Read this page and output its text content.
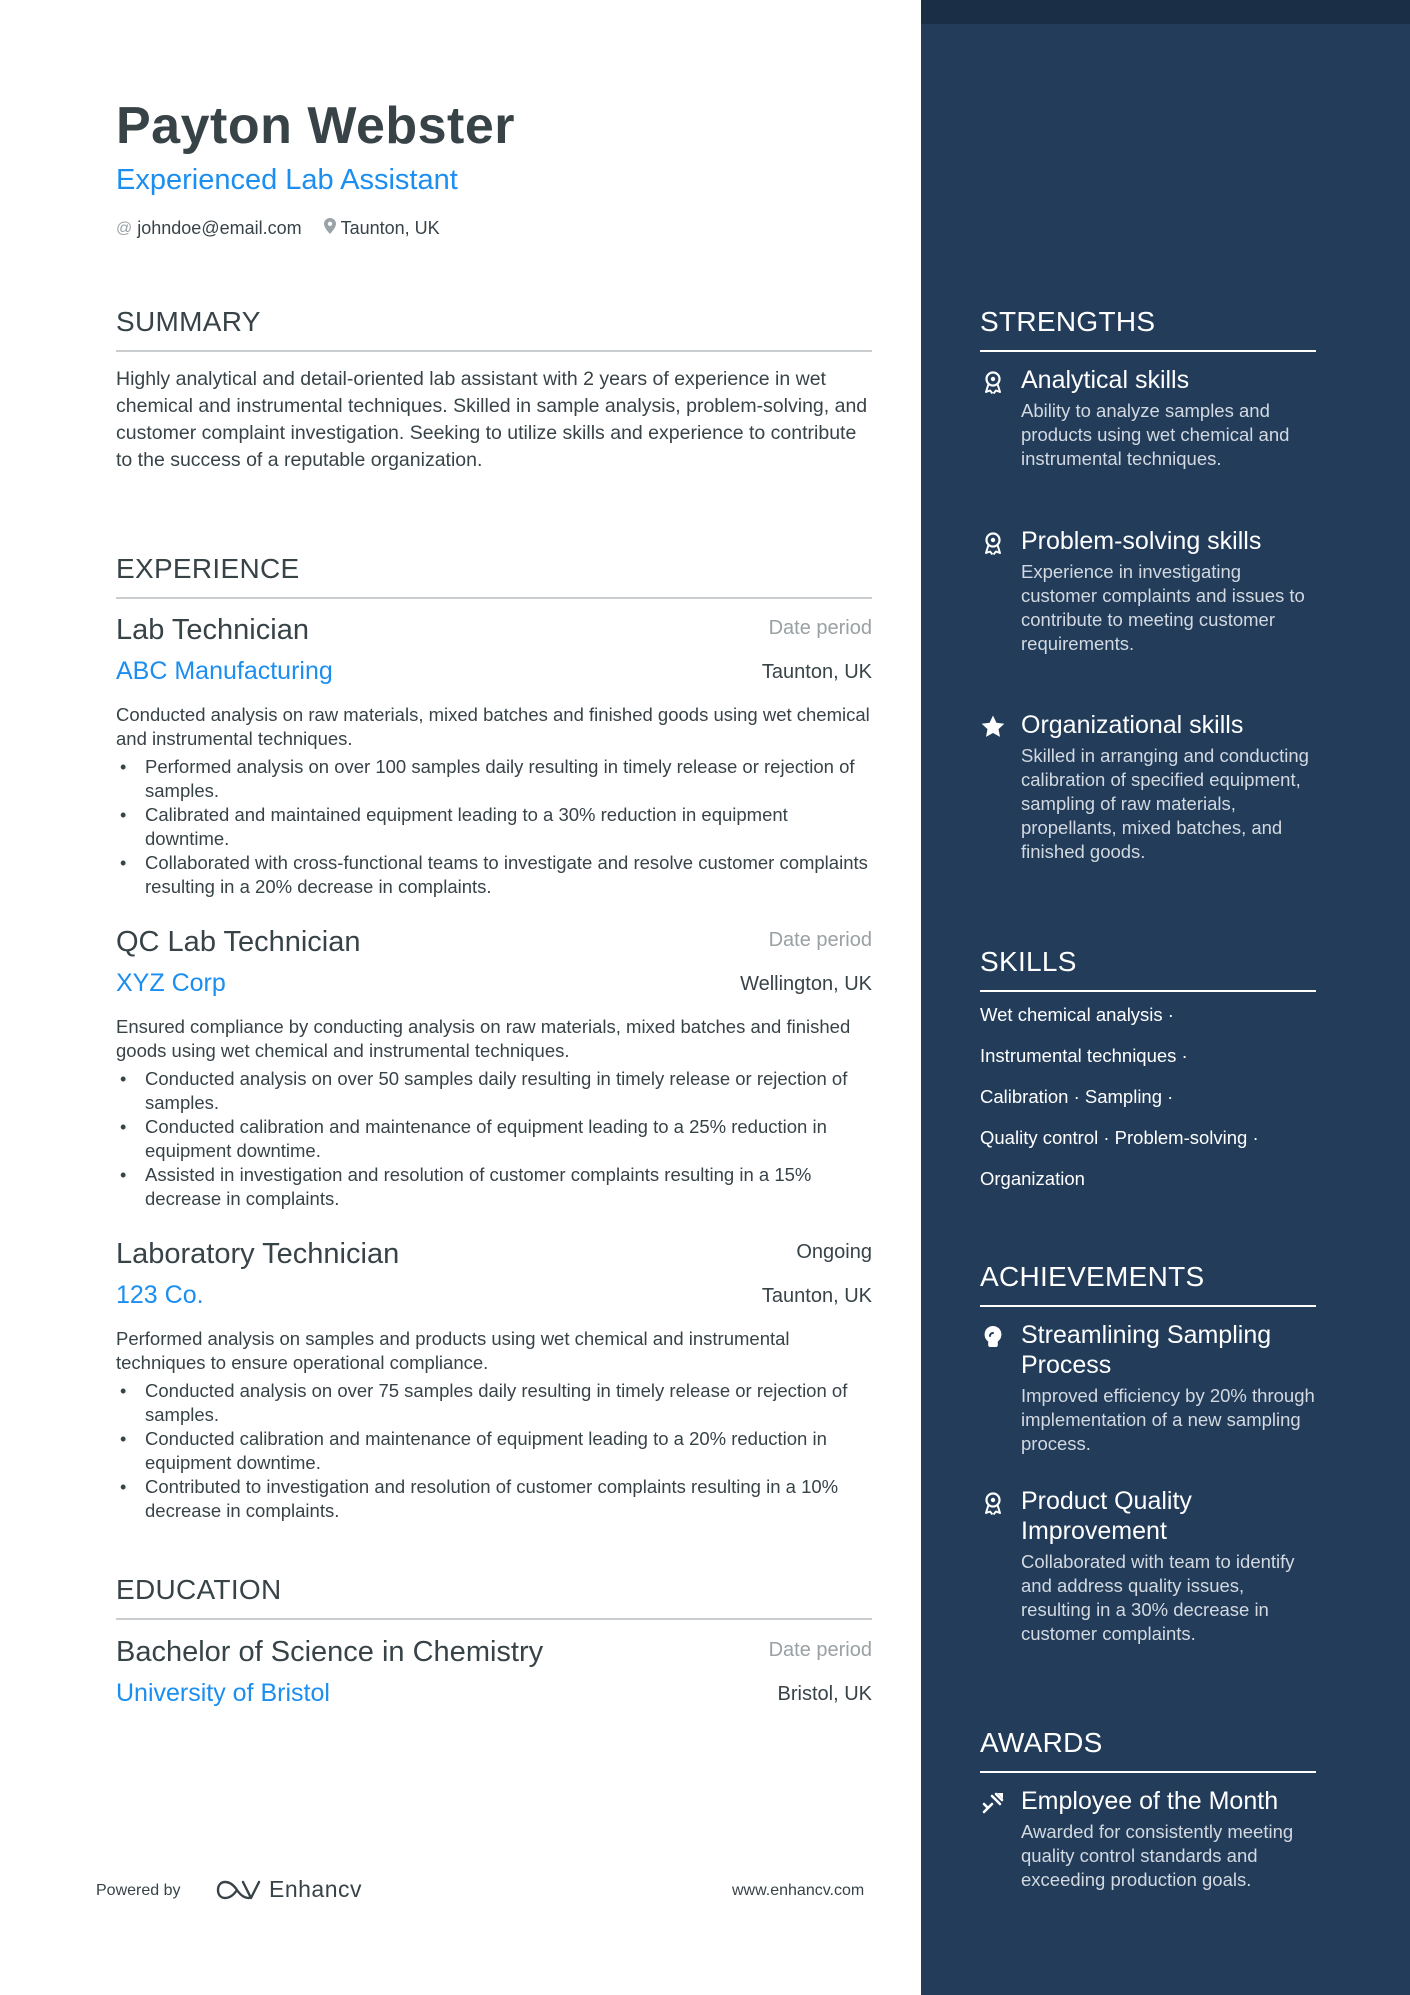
Payton Webster
Experienced Lab Assistant
@ johndoe@email.com Taunton, UK
SUMMARY
Highly analytical and detail-oriented lab assistant with 2 years of experience in wet chemical and instrumental techniques. Skilled in sample analysis, problem-solving, and customer complaint investigation. Seeking to utilize skills and experience to contribute to the success of a reputable organization.
EXPERIENCE
Lab Technician	Date period
ABC Manufacturing	Taunton, UK
Conducted analysis on raw materials, mixed batches and finished goods using wet chemical and instrumental techniques.
• Performed analysis on over 100 samples daily resulting in timely release or rejection of samples.
• Calibrated and maintained equipment leading to a 30% reduction in equipment downtime.
• Collaborated with cross-functional teams to investigate and resolve customer complaints resulting in a 20% decrease in complaints.
QC Lab Technician	Date period
XYZ Corp	Wellington, UK
Ensured compliance by conducting analysis on raw materials, mixed batches and finished goods using wet chemical and instrumental techniques.
• Conducted analysis on over 50 samples daily resulting in timely release or rejection of samples.
• Conducted calibration and maintenance of equipment leading to a 25% reduction in equipment downtime.
• Assisted in investigation and resolution of customer complaints resulting in a 15% decrease in complaints.
Laboratory Technician	Ongoing
123 Co.	Taunton, UK
Performed analysis on samples and products using wet chemical and instrumental techniques to ensure operational compliance.
• Conducted analysis on over 75 samples daily resulting in timely release or rejection of samples.
• Conducted calibration and maintenance of equipment leading to a 20% reduction in equipment downtime.
• Contributed to investigation and resolution of customer complaints resulting in a 10% decrease in complaints.
EDUCATION
Bachelor of Science in Chemistry	Date period
University of Bristol	Bristol, UK
Powered by	Enhancv	www.enhancv.com
STRENGTHS
Analytical skills
Ability to analyze samples and products using wet chemical and instrumental techniques.
Problem-solving skills
Experience in investigating customer complaints and issues to contribute to meeting customer requirements.
Organizational skills
Skilled in arranging and conducting calibration of specified equipment, sampling of raw materials, propellants, mixed batches, and finished goods.
SKILLS
Wet chemical analysis ·
Instrumental techniques ·
Calibration · Sampling ·
Quality control · Problem-solving ·
Organization
ACHIEVEMENTS
Streamlining Sampling Process
Improved efficiency by 20% through implementation of a new sampling process.
Product Quality Improvement
Collaborated with team to identify and address quality issues, resulting in a 30% decrease in customer complaints.
AWARDS
Employee of the Month
Awarded for consistently meeting quality control standards and exceeding production goals.
